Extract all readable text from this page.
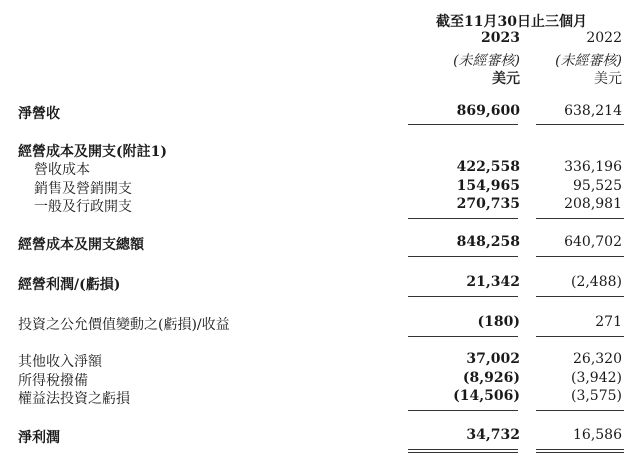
截至11月30日止三個月
2023	2022
(未經審核)	(未經審核)
美元	美元
淨營收	869,600	638,214
經營成本及開支(附註1)
營收成本	422,558	336,196
銷售及營銷開支	154,965	95,525
一般及行政開支	270,735	208,981
經營成本及開支總額	848,258	640,702
經營利潤/(虧損)	21,342	(2,488)
投資之公允價值變動之(虧損)/收益	(180)	271
其他收入淨額	37,002	26,320
所得稅撥備	(8,926)	(3,942)
權益法投資之虧損	(14,506)	(3,575)
淨利潤	34,732	16,586
